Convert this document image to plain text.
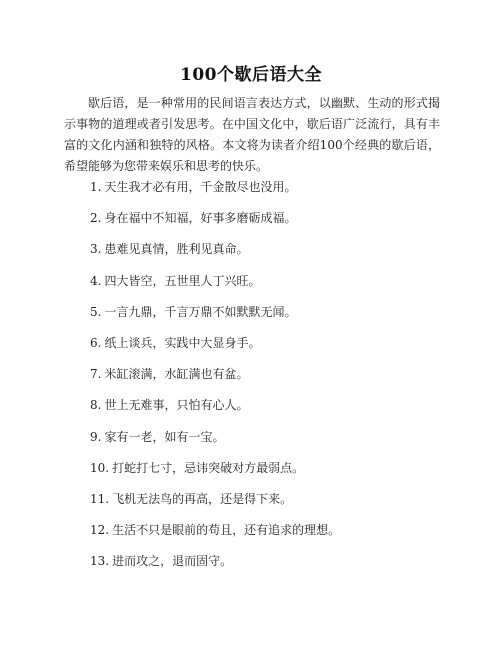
100个歇后语大全
歇后语，是一种常用的民间语言表达方式，以幽默、生动的形式揭示事物的道理或者引发思考。在中国文化中，歇后语广泛流行，具有丰富的文化内涵和独特的风格。本文将为读者介绍100个经典的歇后语，希望能够为您带来娱乐和思考的快乐。
1. 天生我才必有用，千金散尽也没用。
2. 身在福中不知福，好事多磨砺成福。
3. 患难见真情，胜利见真命。
4. 四大皆空，五世里人丁兴旺。
5. 一言九鼎，千言万鼎不如默默无闻。
6. 纸上谈兵，实践中大显身手。
7. 米缸滚满，水缸满也有盆。
8. 世上无难事，只怕有心人。
9. 家有一老，如有一宝。
10. 打蛇打七寸，忌讳突破对方最弱点。
11. 飞机无法鸟的再高，还是得下来。
12. 生活不只是眼前的苟且，还有追求的理想。
13. 进而攻之，退而固守。
